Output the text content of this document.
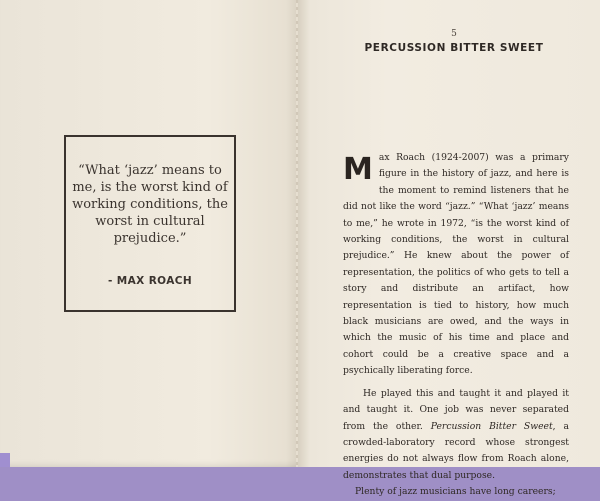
“What ‘jazz’ means to me, is the worst kind of working conditions, the worst in cultural prejudice.”
- MAX ROACH
5
PERCUSSION BITTER SWEET

Max Roach (1924-2007) was a primary figure in the history of jazz, and here is the moment to remind listeners that he did not like the word “jazz.” “What ‘jazz’ means to me,” he wrote in 1972, “is the worst kind of working conditions, the worst in cultural prejudice.” He knew about the power of representation, the politics of who gets to tell a story and distribute an artifact, how representation is tied to history, how much black musicians are owed, and the ways in which the music of his time and place and cohort could be a creative space and a psychically liberating force.

He played this and taught it and played it and taught it. One job was never separated from the other. Percussion Bitter Sweet, a crowded-laboratory record whose strongest energies do not always flow from Roach alone, demonstrates that dual purpose.

Plenty of jazz musicians have long careers;
